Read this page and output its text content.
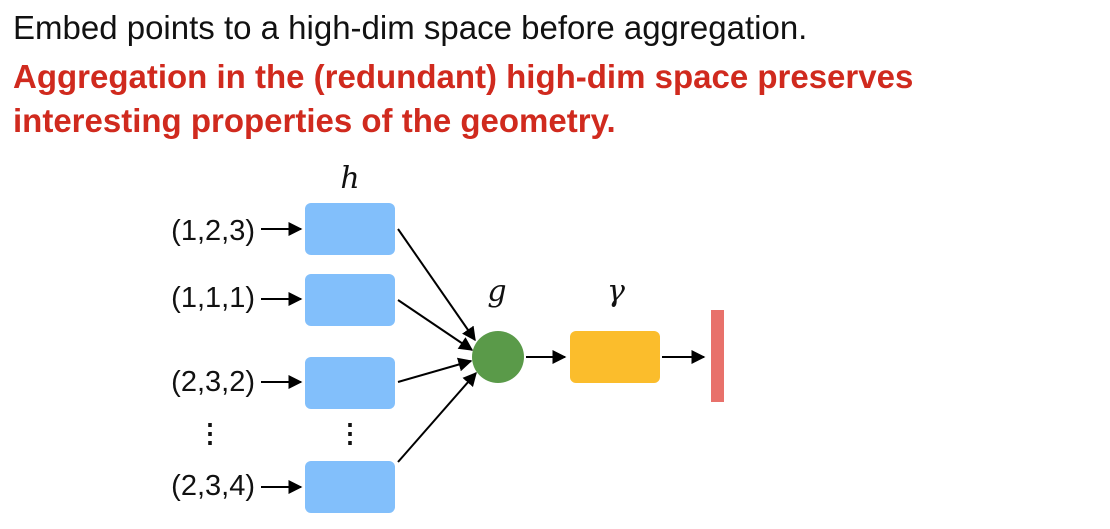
Embed points to a high-dim space before aggregation.
Aggregation in the (redundant) high-dim space preserves interesting properties of the geometry.
h
g	γ
(1,2,3)
(1,1,1)
(2,3,2)
(2,3,4)
⋮	⋮
